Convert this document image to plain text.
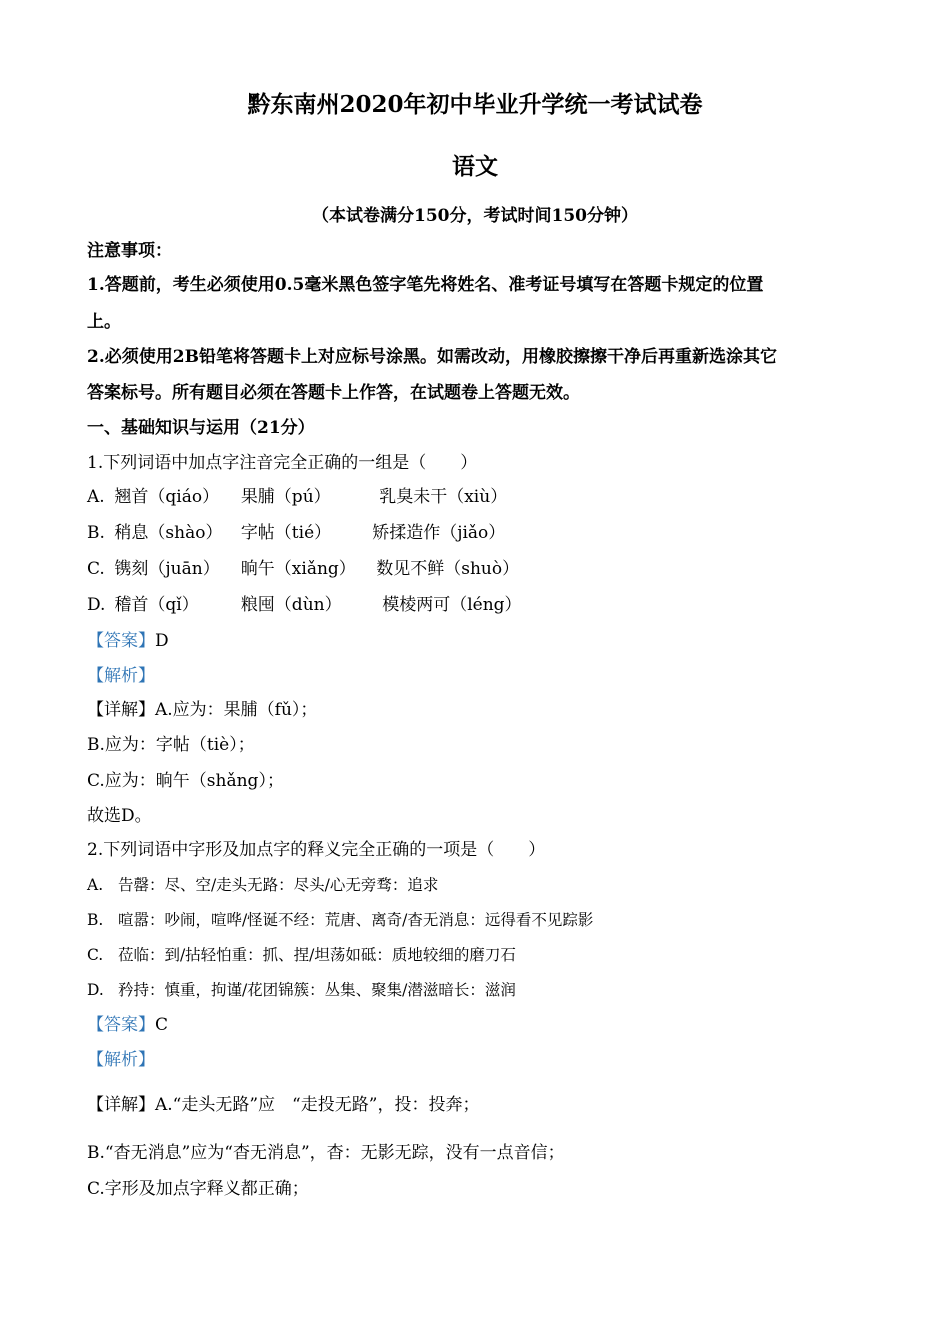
黔东南州2020年初中毕业升学统一考试试卷
语文
（本试卷满分150分，考试时间150分钟）
注意事项：
1.答题前，考生必须使用0.5毫米黑色签字笔先将姓名、准考证号填写在答题卡规定的位置
上。
2.必须使用2B铅笔将答题卡上对应标号涂黑。如需改动，用橡胶擦擦干净后再重新选涂其它
答案标号。所有题目必须在答题卡上作答，在试题卷上答题无效。
一、基础知识与运用（21分）
1.下列词语中加点字注音完全正确的一组是（　　）
A. 翘首（qiáo） 果脯（pú）	乳臭未干（xiù）
B. 稍息（shào） 字帖（tié） 矫揉造作（jiǎo）
C. 镌刻（juān） 晌午（xiǎng） 数见不鲜（shuò）
D. 稽首（qǐ） 粮囤（dùn） 模棱两可（léng）
【答案】D
【解析】
【详解】A.应为：果脯（fǔ）；
B.应为：字帖（tiè）；
C.应为：晌午（shǎng）；
故选D。
2.下列词语中字形及加点字的释义完全正确的一项是（　　）
A. 告罄：尽、空/走头无路：尽头/心无旁骛：追求
B. 喧嚣：吵闹，喧哗/怪诞不经：荒唐、离奇/杳无消息：远得看不见踪影
C. 莅临：到/拈轻怕重：抓、捏/坦荡如砥：质地较细的磨刀石
D. 矜持：慎重，拘谨/花团锦簇：丛集、聚集/潜滋暗长：滋润
【答案】C
【解析】
【详解】A.“走头无路”应　“走投无路”，投：投奔；
B.“杳无消息”应为“杳无消息”，杳：无影无踪，没有一点音信；
C.字形及加点字释义都正确；
